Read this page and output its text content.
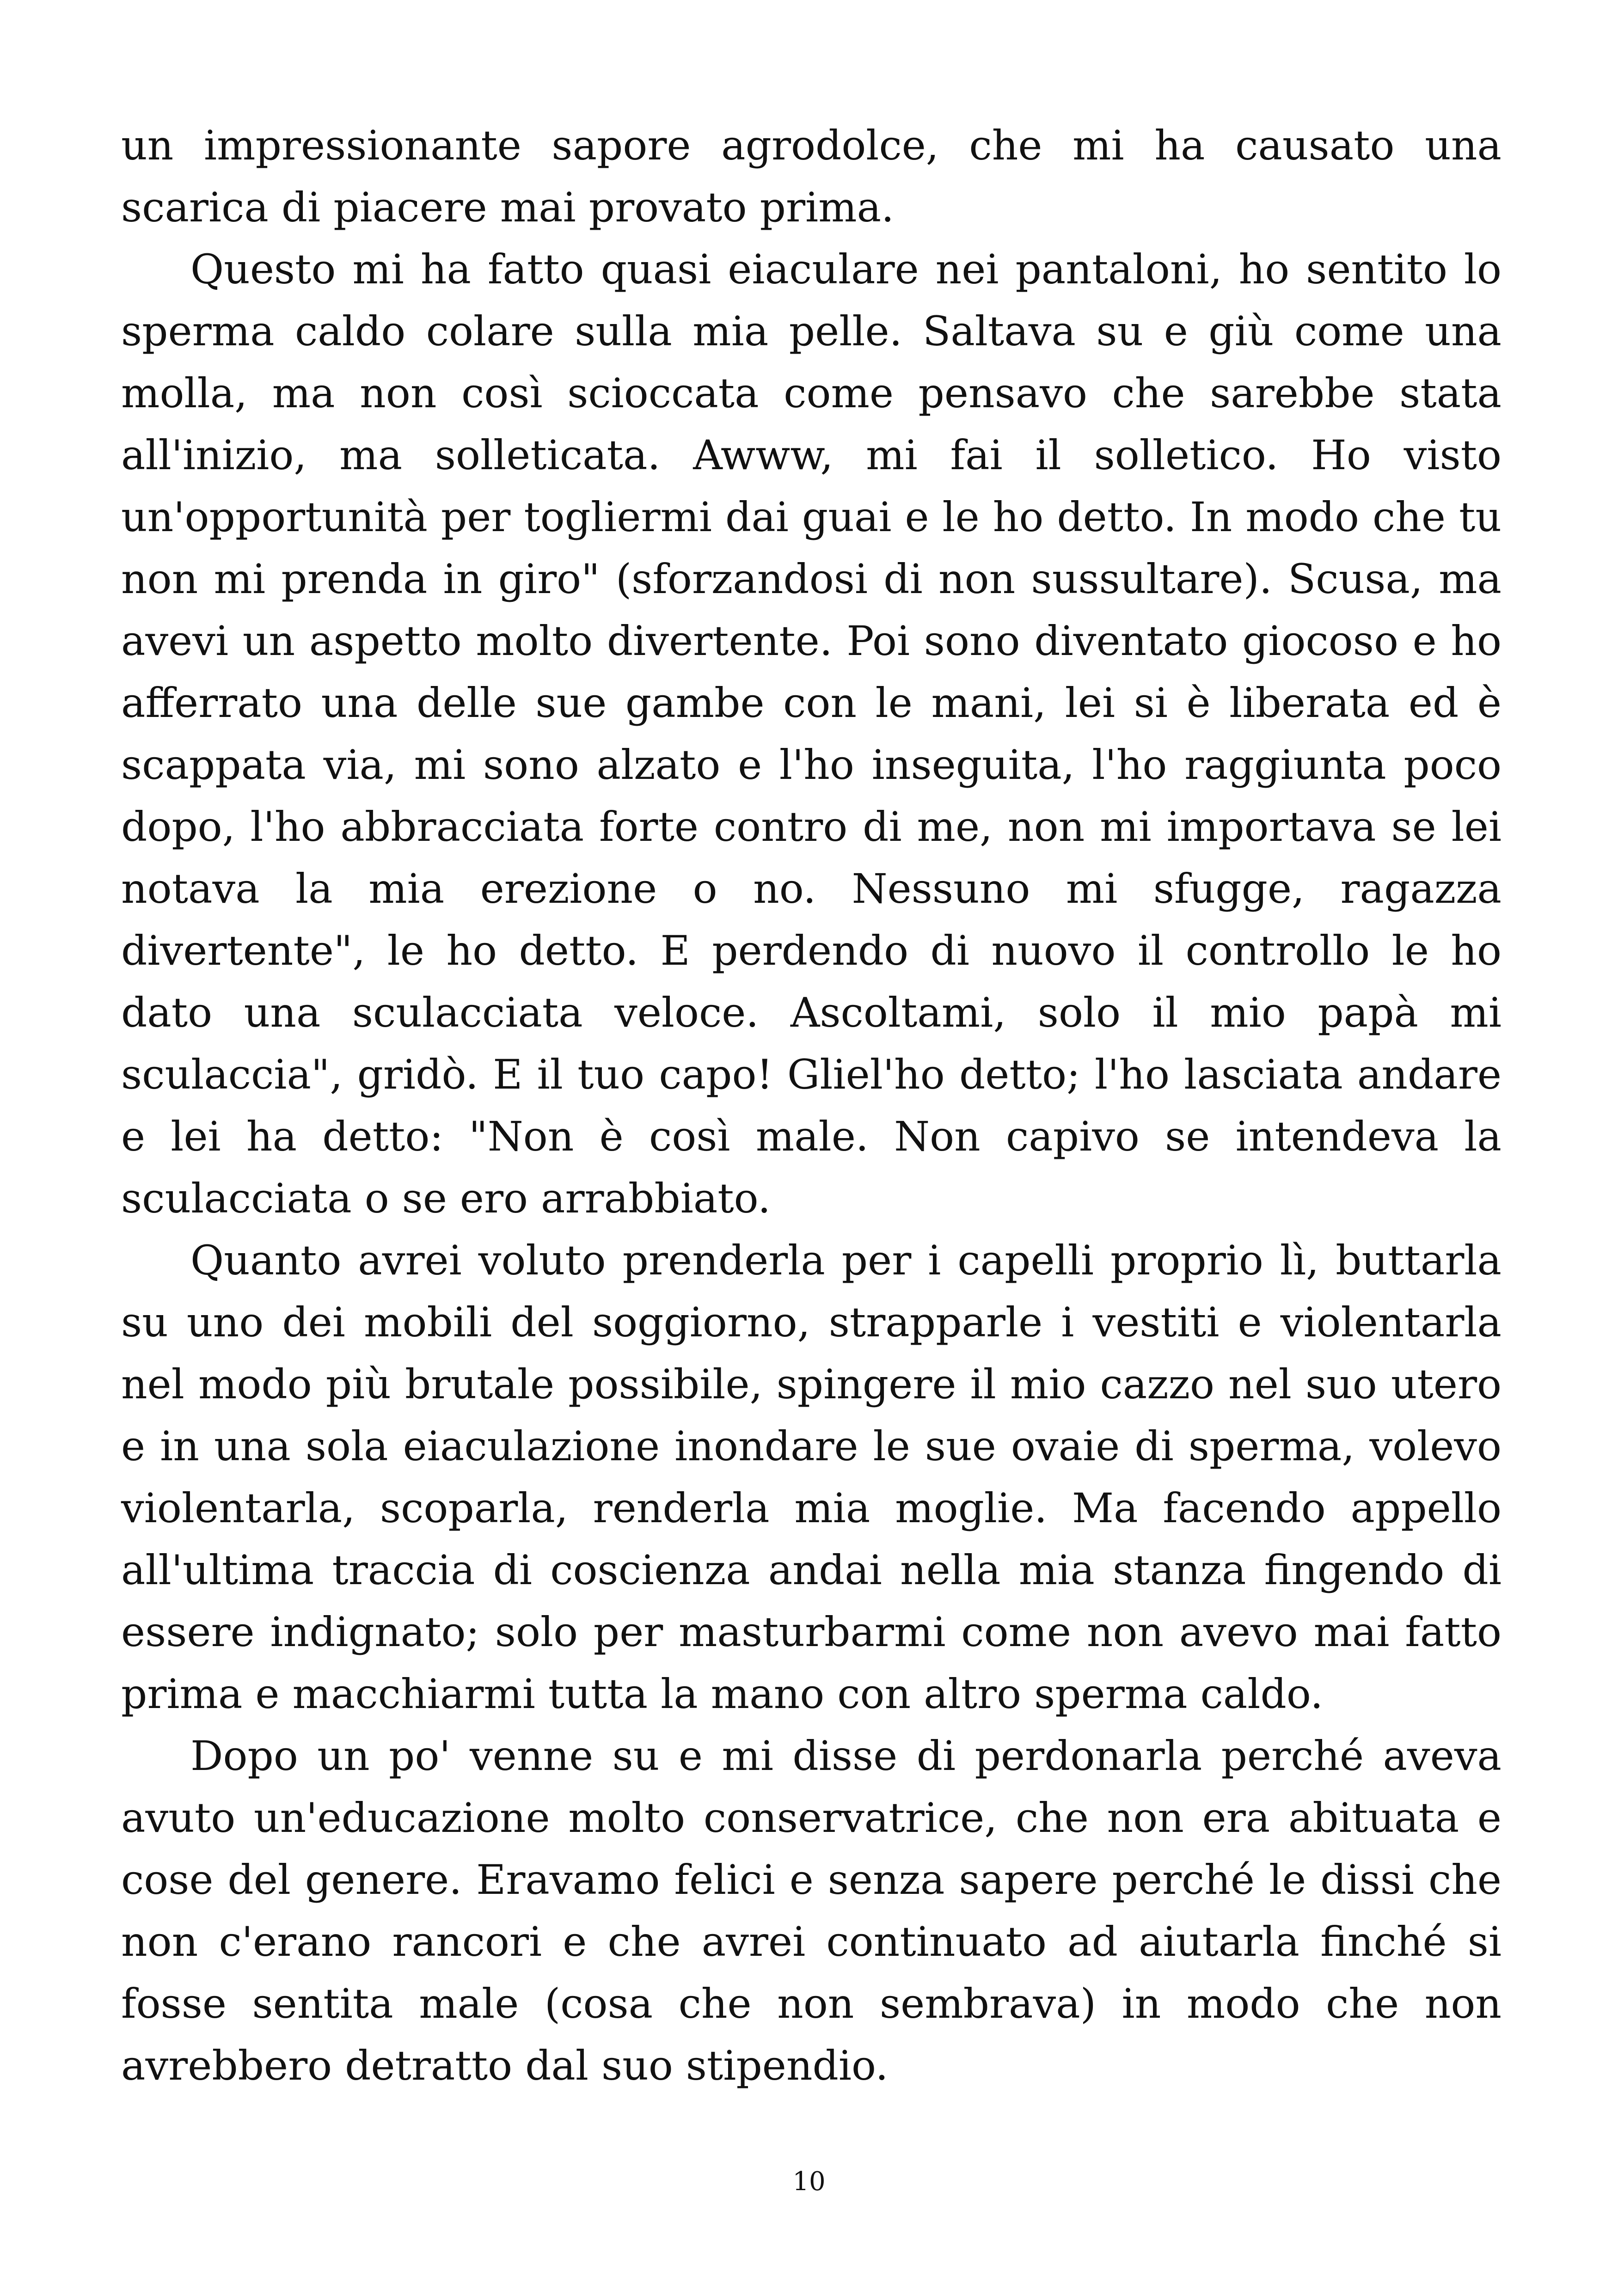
un impressionante sapore agrodolce, che mi ha causato una scarica di piacere mai provato prima.

Questo mi ha fatto quasi eiaculare nei pantaloni, ho sentito lo sperma caldo colare sulla mia pelle. Saltava su e giù come una molla, ma non così scioccata come pensavo che sarebbe stata all'inizio, ma solleticata. Awww, mi fai il solletico. Ho visto un'opportunità per togliermi dai guai e le ho detto. In modo che tu non mi prenda in giro" (sforzandosi di non sussultare). Scusa, ma avevi un aspetto molto divertente. Poi sono diventato giocoso e ho afferrato una delle sue gambe con le mani, lei si è liberata ed è scappata via, mi sono alzato e l'ho inseguita, l'ho raggiunta poco dopo, l'ho abbracciata forte contro di me, non mi importava se lei notava la mia erezione o no. Nessuno mi sfugge, ragazza divertente", le ho detto. E perdendo di nuovo il controllo le ho dato una sculacciata veloce. Ascoltami, solo il mio papà mi sculaccia", gridò. E il tuo capo! Gliel'ho detto; l'ho lasciata andare e lei ha detto: "Non è così male. Non capivo se intendeva la sculacciata o se ero arrabbiato.

Quanto avrei voluto prenderla per i capelli proprio lì, buttarla su uno dei mobili del soggiorno, strapparle i vestiti e violentarla nel modo più brutale possibile, spingere il mio cazzo nel suo utero e in una sola eiaculazione inondare le sue ovaie di sperma, volevo violentarla, scoparla, renderla mia moglie. Ma facendo appello all'ultima traccia di coscienza andai nella mia stanza fingendo di essere indignato; solo per masturbarmi come non avevo mai fatto prima e macchiarmi tutta la mano con altro sperma caldo.

Dopo un po' venne su e mi disse di perdonarla perché aveva avuto un'educazione molto conservatrice, che non era abituata e cose del genere. Eravamo felici e senza sapere perché le dissi che non c'erano rancori e che avrei continuato ad aiutarla finché si fosse sentita male (cosa che non sembrava) in modo che non avrebbero detratto dal suo stipendio.

10
